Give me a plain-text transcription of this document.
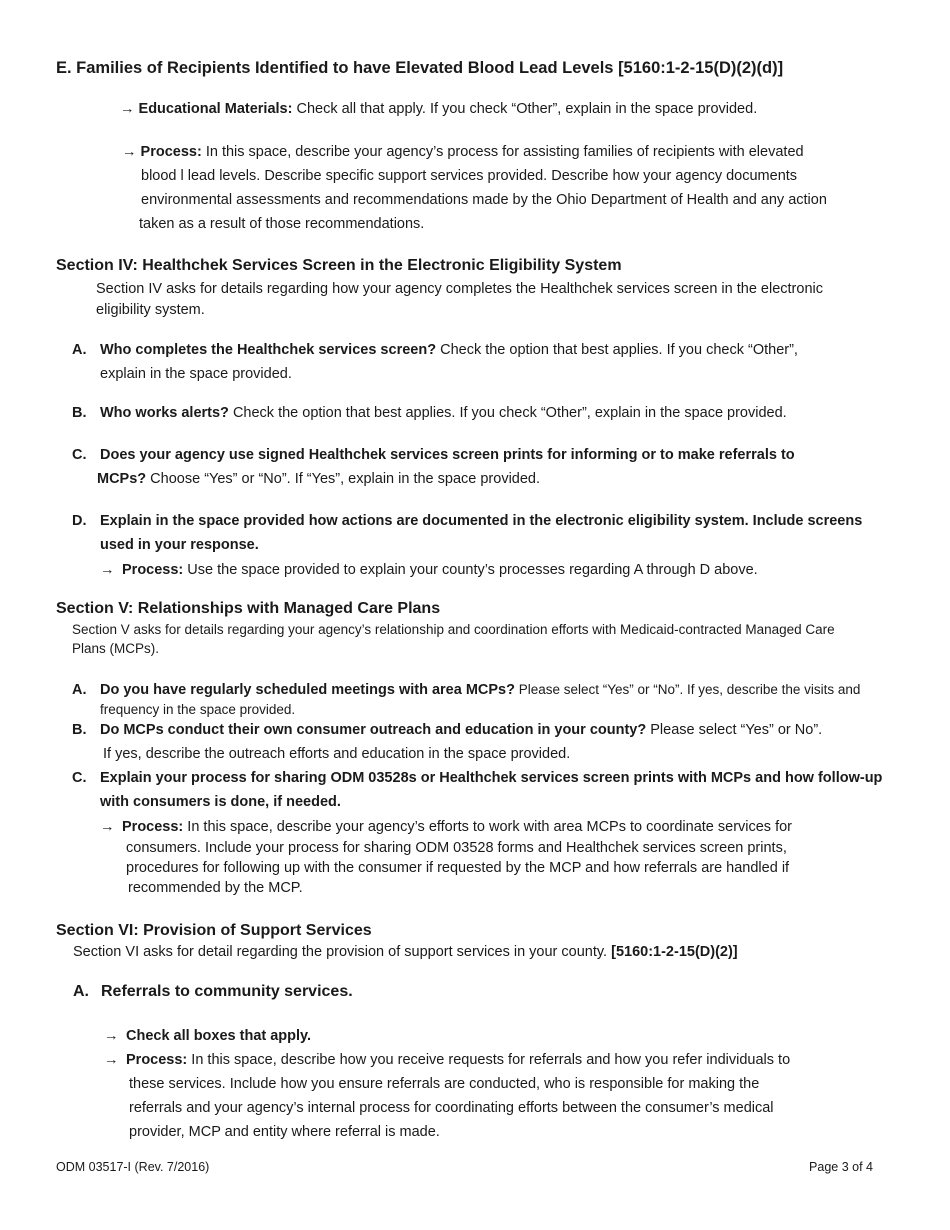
E. Families of Recipients Identified to have Elevated Blood Lead Levels [5160:1-2-15(D)(2)(d)]
→ Educational Materials: Check all that apply. If you check “Other”, explain in the space provided.
→ Process: In this space, describe your agency’s process for assisting families of recipients with elevated
blood l lead levels. Describe specific support services provided. Describe how your agency documents
environmental assessments and recommendations made by the Ohio Department of Health and any action
taken as a result of those recommendations.
Section IV: Healthchek Services Screen in the Electronic Eligibility System
Section IV asks for details regarding how your agency completes the Healthchek services screen in the electronic
eligibility system.
A. Who completes the Healthchek services screen? Check the option that best applies. If you check “Other”,
explain in the space provided.
B. Who works alerts? Check the option that best applies. If you check “Other”, explain in the space provided.
C. Does your agency use signed Healthchek services screen prints for informing or to make referrals to
MCPs? Choose “Yes” or “No”. If “Yes”, explain in the space provided.
D. Explain in the space provided how actions are documented in the electronic eligibility system. Include screens
used in your response.
→ Process: Use the space provided to explain your county’s processes regarding A through D above.
Section V: Relationships with Managed Care Plans
Section V asks for details regarding your agency’s relationship and coordination efforts with Medicaid-contracted Managed Care
Plans (MCPs).
A. Do you have regularly scheduled meetings with area MCPs? Please select “Yes” or “No”. If yes, describe the visits and
frequency in the space provided.
B. Do MCPs conduct their own consumer outreach and education in your county? Please select “Yes” or No”.
If yes, describe the outreach efforts and education in the space provided.
C. Explain your process for sharing ODM 03528s or Healthchek services screen prints with MCPs and how follow-up
with consumers is done, if needed.
→ Process: In this space, describe your agency’s efforts to work with area MCPs to coordinate services for
consumers. Include your process for sharing ODM 03528 forms and Healthchek services screen prints,
procedures for following up with the consumer if requested by the MCP and how referrals are handled if
recommended by the MCP.
Section VI: Provision of Support Services
Section VI asks for detail regarding the provision of support services in your county. [5160:1-2-15(D)(2)]
A. Referrals to community services.
→ Check all boxes that apply.
→ Process: In this space, describe how you receive requests for referrals and how you refer individuals to
these services. Include how you ensure referrals are conducted, who is responsible for making the
referrals and your agency’s internal process for coordinating efforts between the consumer’s medical
provider, MCP and entity where referral is made.
ODM 03517-I (Rev. 7/2016)	Page 3 of 4
